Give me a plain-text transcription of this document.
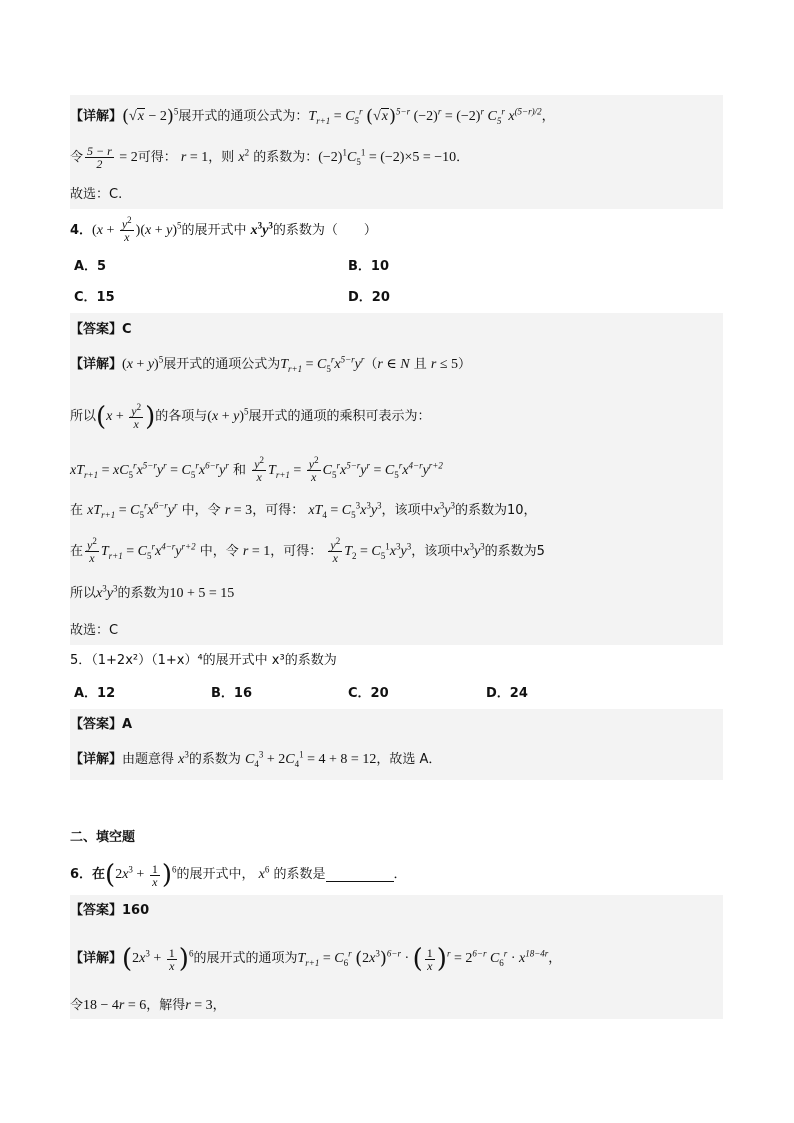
【详解】$(√x - 2)^5$展开式的通项公式为：$T_{r+1} = C_5^r$ $(√x)^{5-r}$ $(-2)^r = (-2)^r$ $C_5^r$ $x^{(5-r)/2}$，
令 $\frac{5 - r}{2} = 2$可得： r = 1，则 $x^2$ 的系数为：$(-2)^1C_5^1 = (-2)\times 5 = -10$．
故选：C.
4．$(x + \frac{y^2}{x} )(x + y)^5$的展开式中 $x^3y^3$的系数为（　　）
A．5	B．10
C．15	D．20
【答案】C
【详解】$(x + y)^5$展开式的通项公式为$T_{r+1} = C_5^rx^{5-r}y^r(r$ ∈ N 且 r ≤ 5）
所以($x + \frac{y^2}{x}$ )的各项与$(x + y)^5$展开式的通项的乘积可表示为：
$xT_{r+1} = xC_5^rx^{5-r}y^r = C_5^rx^{6-r}y^r$ 和 $\frac{y^2}{x} T_{r+1} = \frac{y^2}{x} C_5^rx^{5-r}y^r = C_5^rx^{4-r}y^{r+2}$
在 $xT_{r+1} = C_5^rx^{6-r}y^r$ 中，令 r = 3，可得： $xT_4 = C_5^3x^3y^3$，该项中$x^3y^3$的系数为10，
在 $\frac{y^2}{x} T_{r+1} = C_5^rx^{4-r}y^{r+2}$ 中，令 r = 1，可得： $\frac{y^2}{x} T_2 = C_5^1x^3y^3$，该项中$x^3y^3$的系数为5
所以$x^3y^3$的系数为10 + 5 = 15
故选：C
5．（1+2x²）（1+x）⁴的展开式中 x³的系数为
A．12	B．16	C．20	D．24
【答案】A
【详解】由题意得 $x^3$的系数为 $C_4^3 + 2C_4^1 = 4 + 8 = 12$，故选 A．
二、填空题
6．在$(2x^3 + \frac{1}{x} )^6$的展开式中， $x^6$ 的系数是	．
【答案】160
【详解】$(2x^3 + \frac{1}{x} )^6$的展开式的通项为$T_{r+1} = C_6^r$ $(2x^3)^{6-r}$ · ( $\frac{1}{x} )^r = 2^{6-r}$ $C_6^r \cdot x^{18-4r}$，
令18 − 4r = 6，解得r = 3，
